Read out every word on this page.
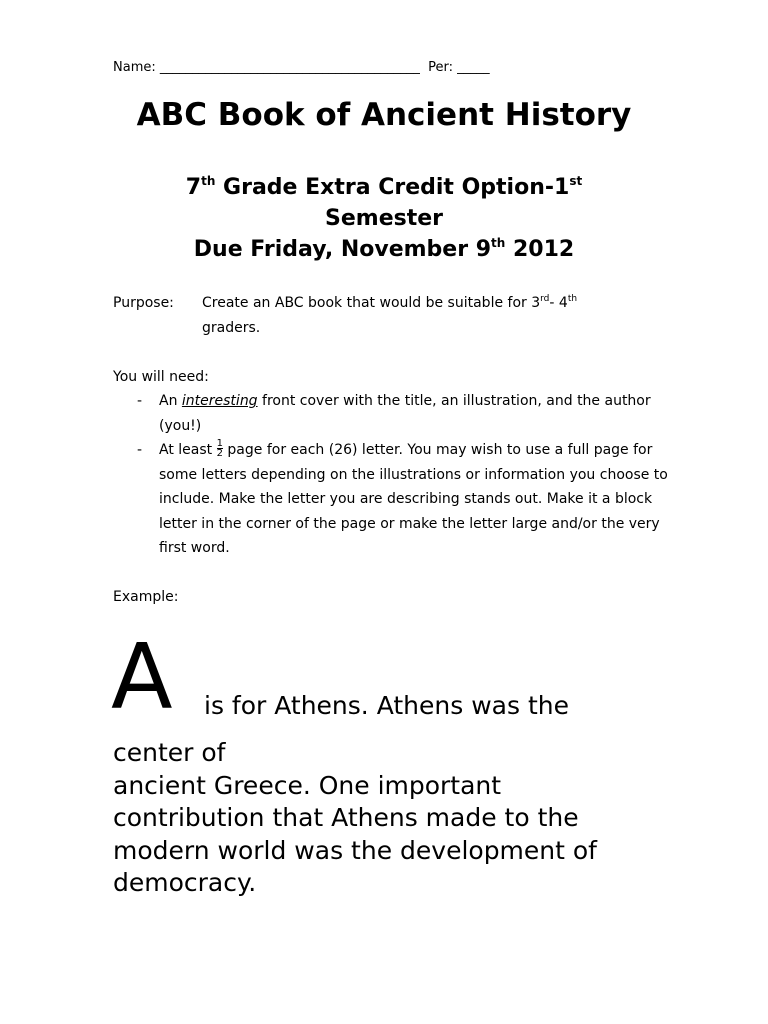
Name: ________________________________________ Per: _____
ABC Book of Ancient History
7th Grade Extra Credit Option-1st
Semester
Due Friday, November 9th 2012
Purpose: Create an ABC book that would be suitable for 3rd- 4th
graders.
You will need:
- An interesting front cover with the title, an illustration, and the author (you!)
- At least $\frac{1}{2}$ page for each (26) letter. You may wish to use a full page for some letters depending on the illustrations or information you choose to include. Make the letter you are describing stands out. Make it a block letter in the corner of the page or make the letter large and/or the very first word.
Example:
A is for Athens. Athens was the
center of
ancient Greece. One important
contribution that Athens made to the
modern world was the development of
democracy.
